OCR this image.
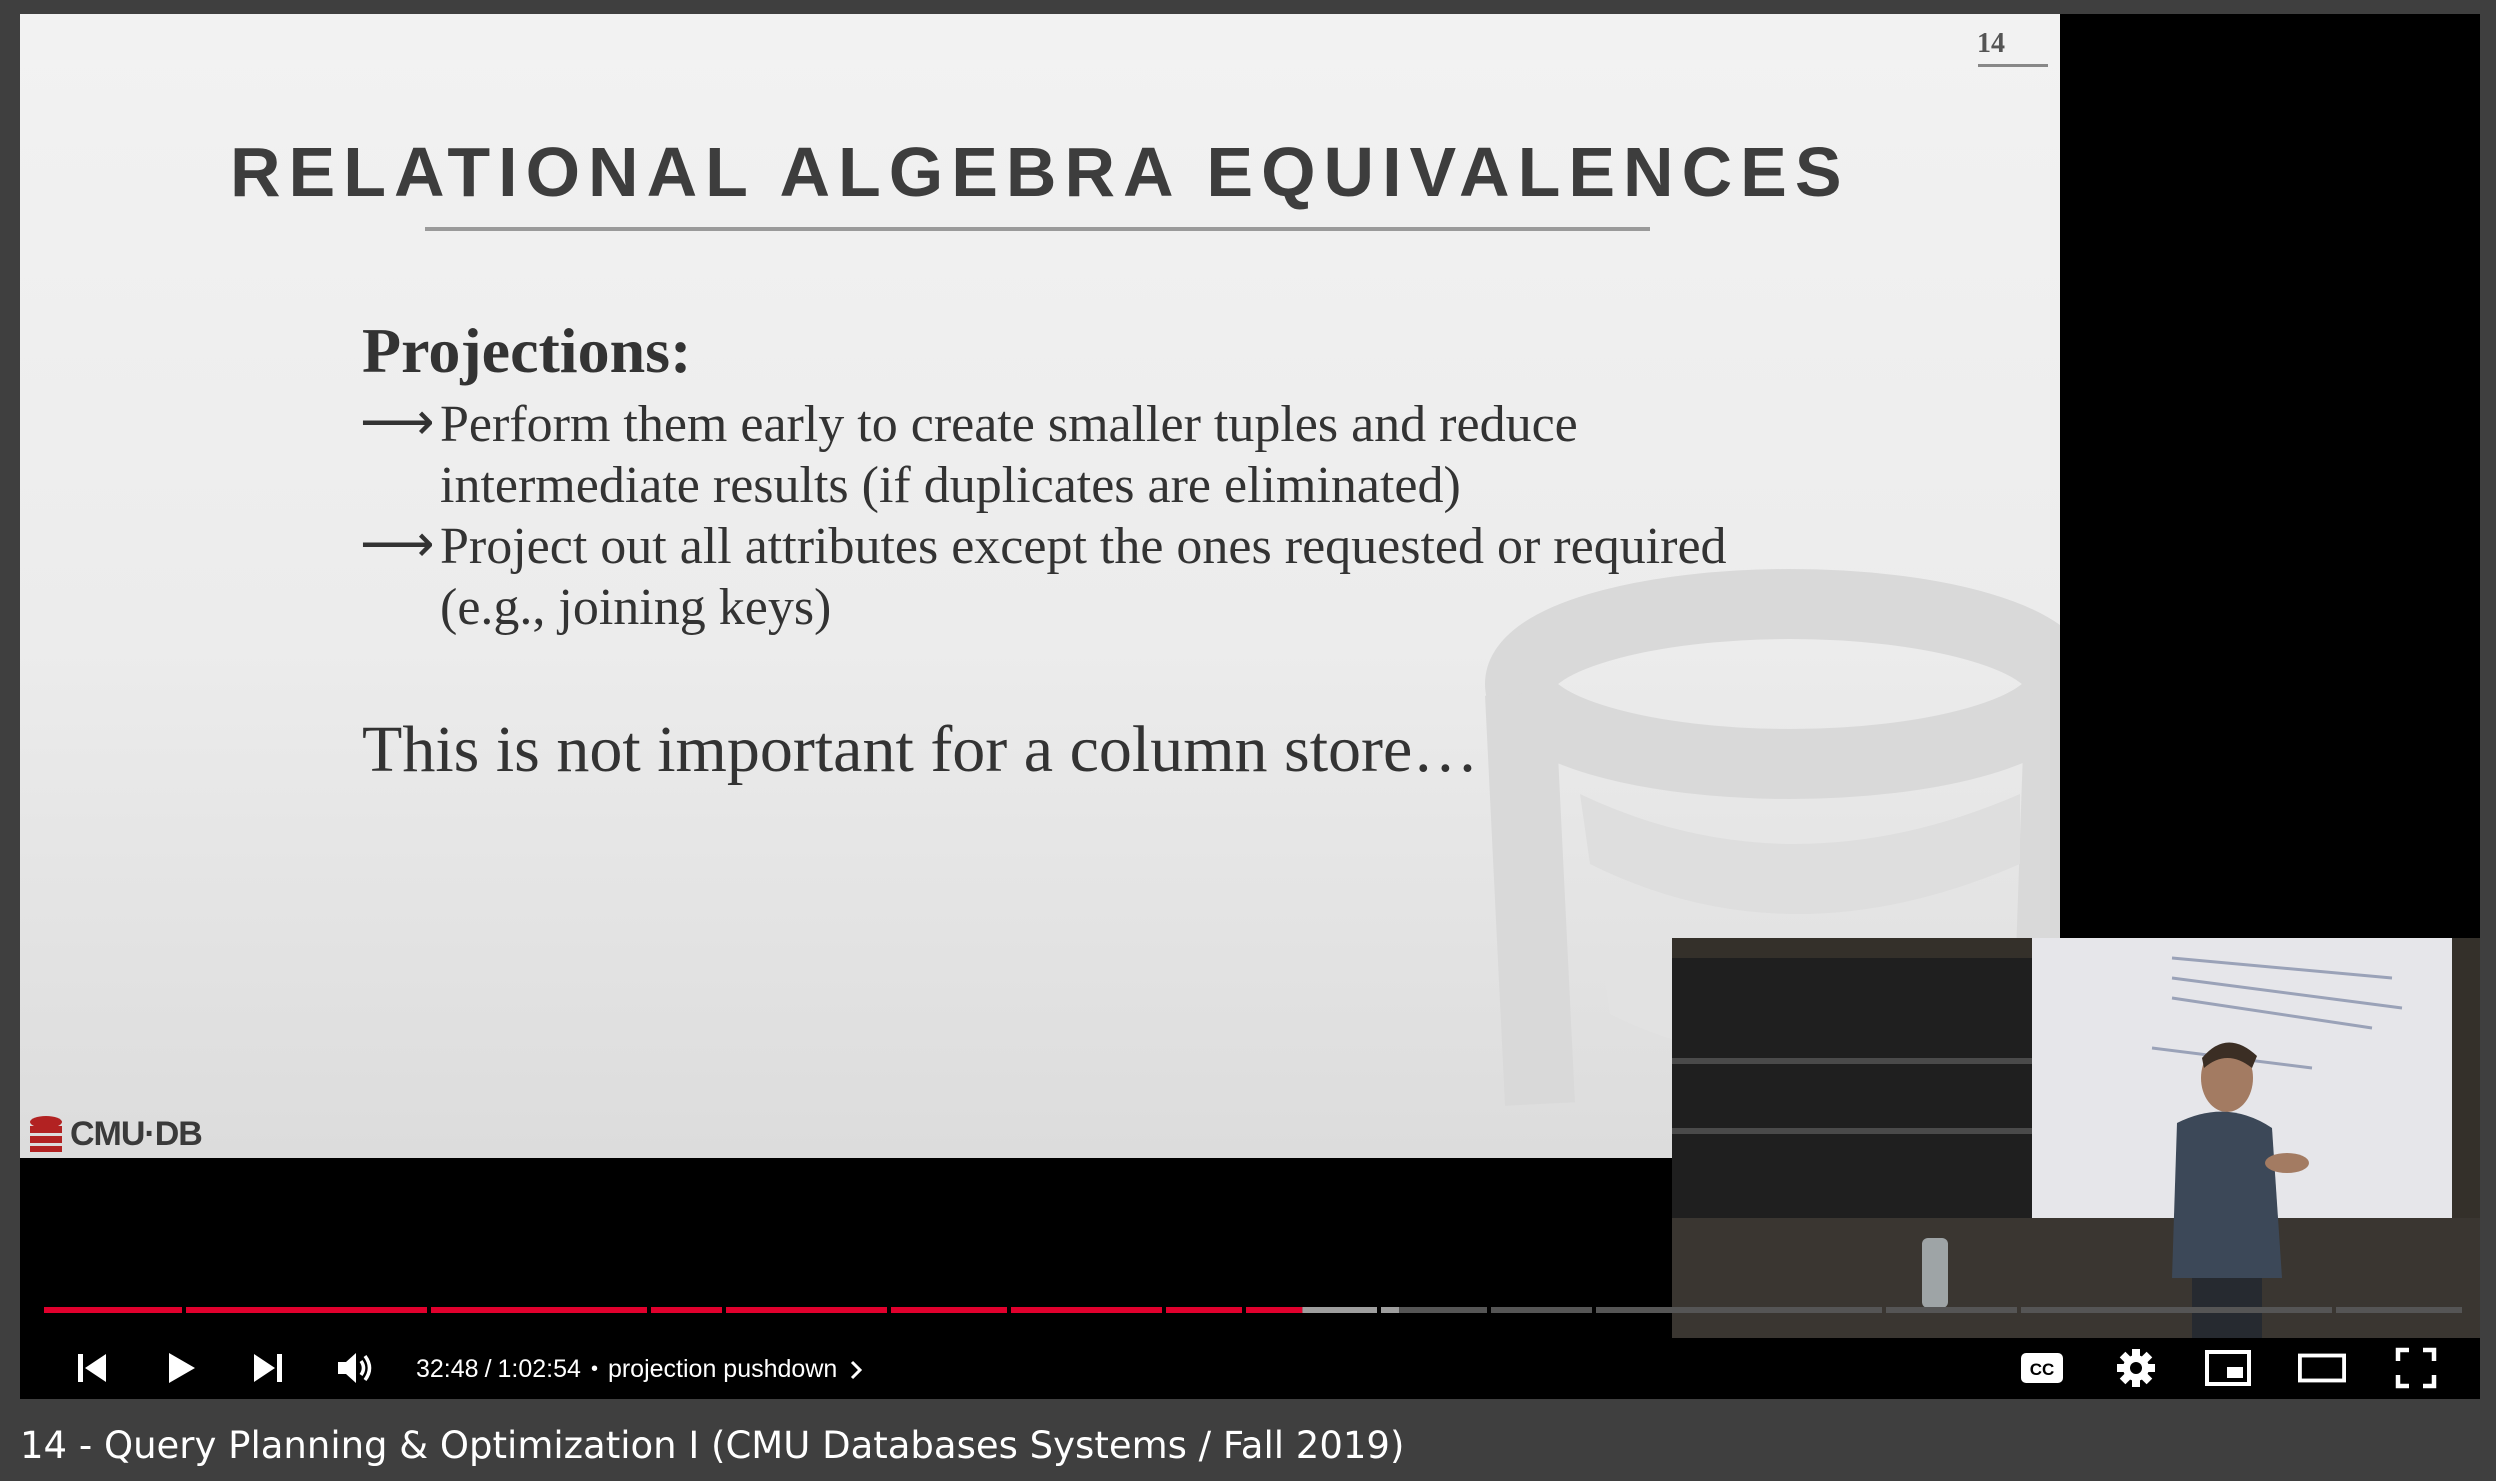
14
RELATIONAL ALGEBRA EQUIVALENCES
Projections:
⟶ Perform them early to create smaller tuples and reduce intermediate results (if duplicates are eliminated)
⟶ Project out all attributes except the ones requested or required (e.g., joining keys)
This is not important for a column store…
CMU·DB
32:48 / 1:02:54 • projection pushdown	CC
14 - Query Planning & Optimization I (CMU Databases Systems / Fall 2019)
